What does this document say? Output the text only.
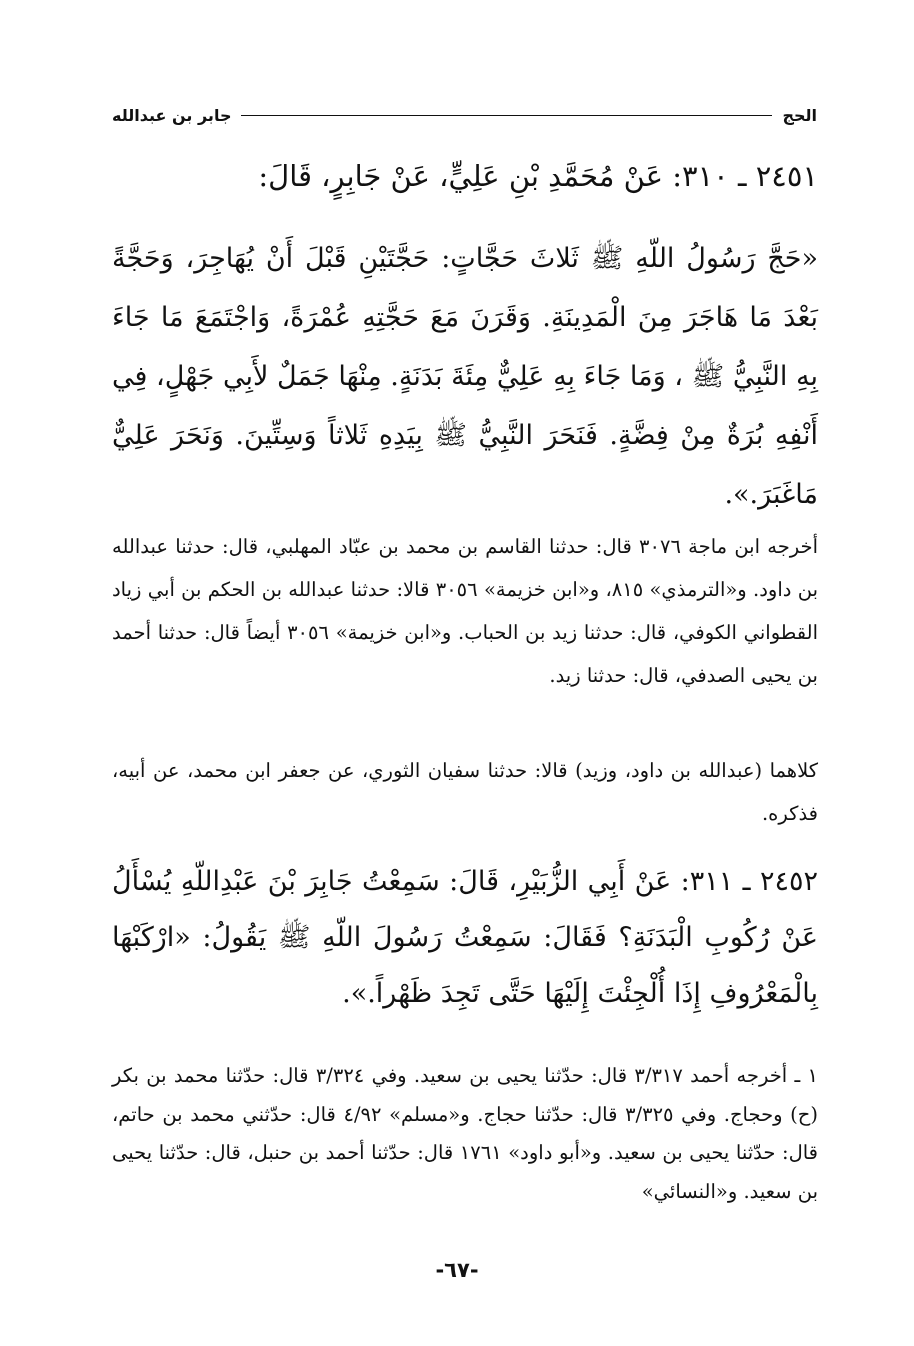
الحج
جابر بن عبدالله

٢٤٥١ ـ ٣١٠: عَنْ مُحَمَّدِ بْنِ عَلِيٍّ، عَنْ جَابِرٍ، قَالَ:

«حَجَّ رَسُولُ اللّهِ ﷺ ثَلاثَ حَجَّاتٍ: حَجَّتَيْنِ قَبْلَ أَنْ يُهَاجِرَ، وَحَجَّةً بَعْدَ مَا هَاجَرَ مِنَ الْمَدِينَةِ. وَقَرَنَ مَعَ حَجَّتِهِ عُمْرَةً، وَاجْتَمَعَ مَا جَاءَ بِهِ النَّبِيُّ ﷺ ، وَمَا جَاءَ بِهِ عَلِيٌّ مِئَةَ بَدَنَةٍ. مِنْهَا جَمَلٌ لأَبِي جَهْلٍ، فِي أَنْفِهِ بُرَةٌ مِنْ فِضَّةٍ. فَنَحَرَ النَّبِيُّ ﷺ بِيَدِهِ ثَلاثاً وَسِتِّينَ. وَنَحَرَ عَلِيٌّ مَاغَبَرَ.».

أخرجه ابن ماجة ٣٠٧٦ قال: حدثنا القاسم بن محمد بن عبّاد المهلبي، قال: حدثنا عبدالله بن داود. و«الترمذي» ٨١٥، و«ابن خزيمة» ٣٠٥٦ قالا: حدثنا عبدالله بن الحكم بن أبي زياد القطواني الكوفي، قال: حدثنا زيد بن الحباب. و«ابن خزيمة» ٣٠٥٦ أيضاً قال: حدثنا أحمد بن يحيى الصدفي، قال: حدثنا زيد.

كلاهما (عبدالله بن داود، وزيد) قالا: حدثنا سفيان الثوري، عن جعفر ابن محمد، عن أبيه، فذكره.

٢٤٥٢ ـ ٣١١: عَنْ أَبِي الزُّبَيْرِ، قَالَ: سَمِعْتُ جَابِرَ بْنَ عَبْدِاللّهِ يُسْأَلُ عَنْ رُكُوبِ الْبَدَنَةِ؟ فَقَالَ: سَمِعْتُ رَسُولَ اللّهِ ﷺ يَقُولُ: «ارْكَبْهَا بِالْمَعْرُوفِ إِذَا أُلْجِئْتَ إِلَيْهَا حَتَّى تَجِدَ ظَهْراً.».

١ ـ أخرجه أحمد ٣/٣١٧ قال: حدّثنا يحيى بن سعيد. وفي ٣/٣٢٤ قال: حدّثنا محمد بن بكر (ح) وحجاج. وفي ٣/٣٢٥ قال: حدّثنا حجاج. و«مسلم» ٤/٩٢ قال: حدّثني محمد بن حاتم، قال: حدّثنا يحيى بن سعيد. و«أبو داود» ١٧٦١ قال: حدّثنا أحمد بن حنبل، قال: حدّثنا يحيى بن سعيد. و«النسائي»

-٦٧-
